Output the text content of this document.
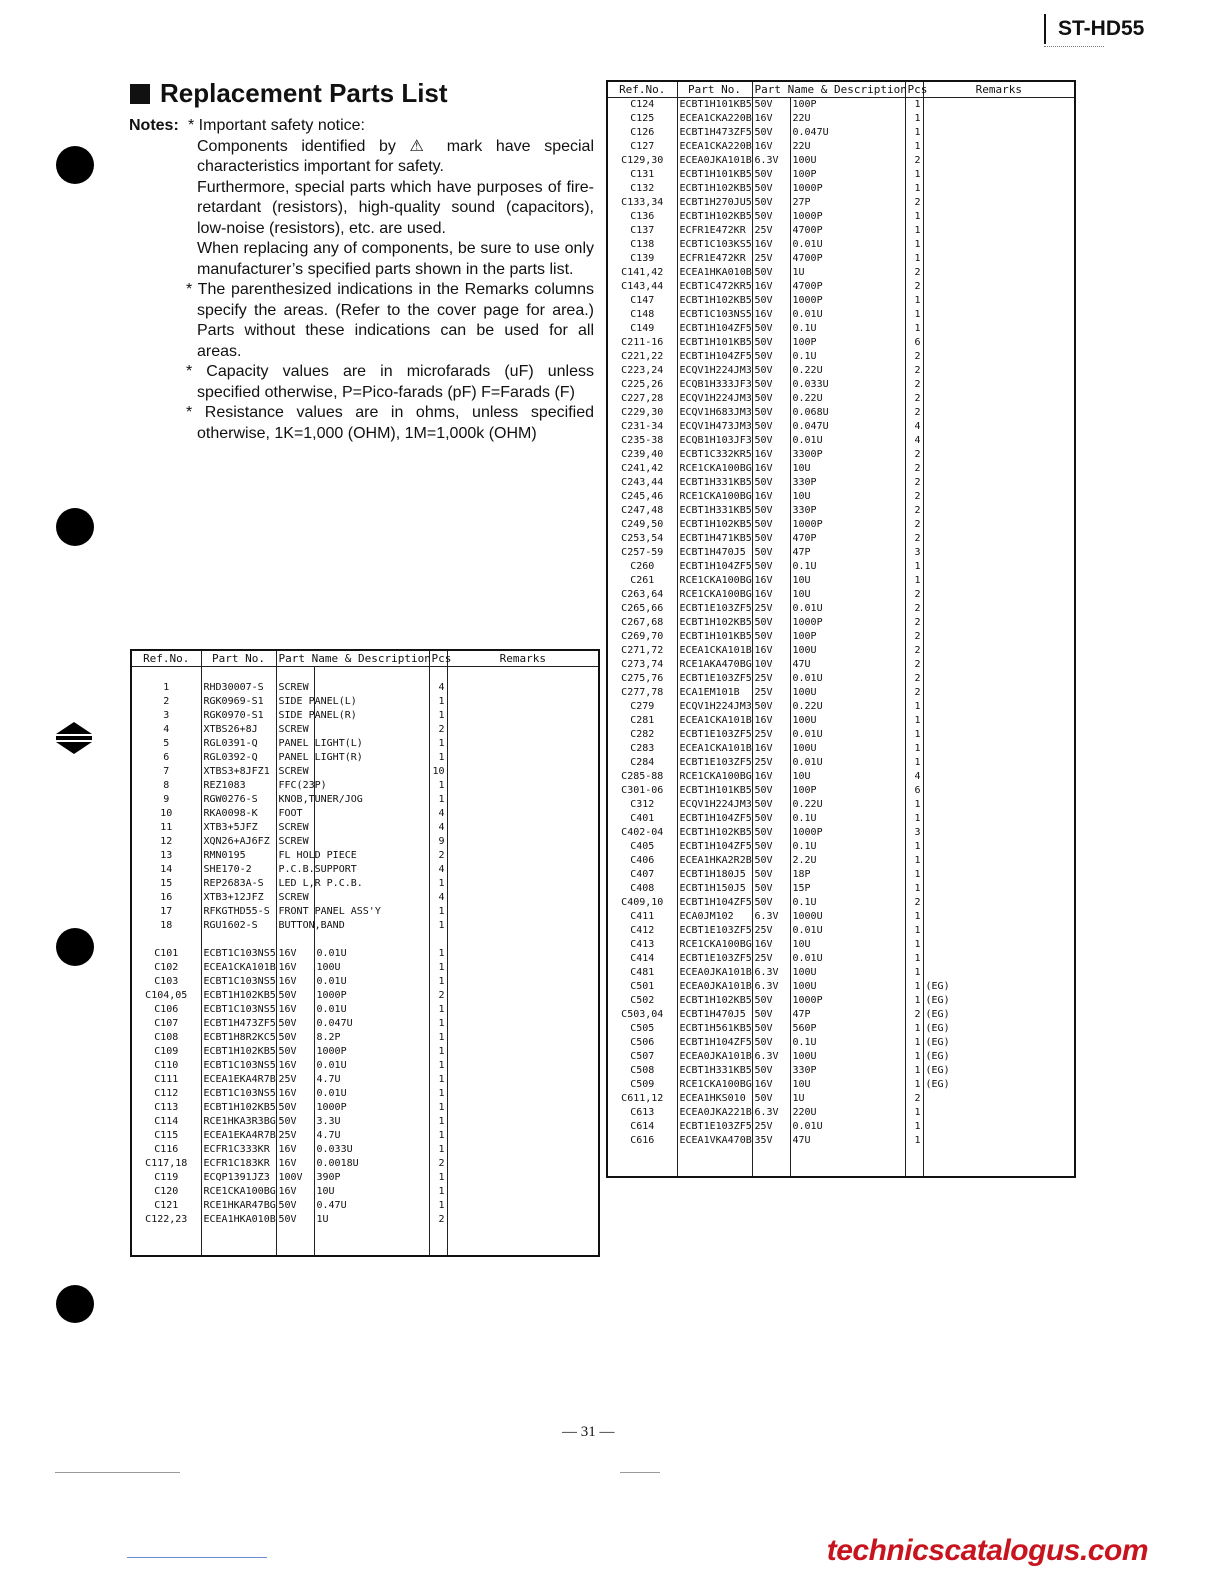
ST-HD55
Replacement Parts List
Notes: * Important safety notice:

Components identified by ⚠ mark have special characteristics important for safety.

Furthermore, special parts which have purposes of fire-retardant (resistors), high-quality sound (capacitors), low-noise (resistors), etc. are used.

When replacing any of components, be sure to use only manufacturer’s specified parts shown in the parts list.

* The parenthesized indications in the Remarks columns specify the areas. (Refer to the cover page for area.) Parts without these indications can be used for all areas.

* Capacity values are in microfarads (uF) unless specified otherwise, P=Pico-farads (pF) F=Farads (F)

* Resistance values are in ohms, unless specified otherwise, 1K=1,000 (OHM), 1M=1,000k (OHM)

Ref.No.	Part No.	Part Name & Description		Pcs	Remarks

1	RHD30007-S	SCREW		4	
2	RGK0969-S1	SIDE PANEL(L)		1	
3	RGK0970-S1	SIDE PANEL(R)		1	
4	XTBS26+8J	SCREW		2	
5	RGL0391-Q	PANEL LIGHT(L)		1	
6	RGL0392-Q	PANEL LIGHT(R)		1	
7	XTBS3+8JFZ1	SCREW		10	
8	REZ1083	FFC(23P)		1	
9	RGW0276-S	KNOB,TUNER/JOG		1	
10	RKA0098-K	FOOT		4	
11	XTB3+5JFZ	SCREW		4	
12	XQN26+AJ6FZ	SCREW		9	
13	RMN0195	FL HOLD PIECE		2	
14	SHE170-2	P.C.B.SUPPORT		4	
15	REP2683A-S	LED L,R P.C.B.		1	
16	XTB3+12JFZ	SCREW		4	
17	RFKGTHD55-S	FRONT PANEL ASS'Y		1	
18	RGU1602-S	BUTTON,BAND		1	

C101	ECBT1C103NS5	16V	0.01U	1	
C102	ECEA1CKA101B	16V	100U	1	
C103	ECBT1C103NS5	16V	0.01U	1	
C104,05	ECBT1H102KB5	50V	1000P	2	
C106	ECBT1C103NS5	16V	0.01U	1	
C107	ECBT1H473ZF5	50V	0.047U	1	
C108	ECBT1H8R2KC5	50V	8.2P	1	
C109	ECBT1H102KB5	50V	1000P	1	
C110	ECBT1C103NS5	16V	0.01U	1	
C111	ECEA1EKA4R7B	25V	4.7U	1	
C112	ECBT1C103NS5	16V	0.01U	1	
C113	ECBT1H102KB5	50V	1000P	1	
C114	RCE1HKA3R3BG	50V	3.3U	1	
C115	ECEA1EKA4R7B	25V	4.7U	1	
C116	ECFR1C333KR	16V	0.033U	1	
C117,18	ECFR1C183KR	16V	0.0018U	2	
C119	ECQP1391JZ3	100V	390P	1	
C120	RCE1CKA100BG	16V	10U	1	
C121	RCE1HKAR47BG	50V	0.47U	1	
C122,23	ECEA1HKA010B	50V	1U	2	

Ref.No.	Part No.	Part Name & Description		Pcs	Remarks
C124	ECBT1H101KB5	50V	100P	1	
C125	ECEA1CKA220B	16V	22U	1	
C126	ECBT1H473ZF5	50V	0.047U	1	
C127	ECEA1CKA220B	16V	22U	1	
C129,30	ECEA0JKA101B	6.3V	100U	2	
C131	ECBT1H101KB5	50V	100P	1	
C132	ECBT1H102KB5	50V	1000P	1	
C133,34	ECBT1H270JU5	50V	27P	2	
C136	ECBT1H102KB5	50V	1000P	1	
C137	ECFR1E472KR	25V	4700P	1	
C138	ECBT1C103KS5	16V	0.01U	1	
C139	ECFR1E472KR	25V	4700P	1	
C141,42	ECEA1HKA010B	50V	1U	2	
C143,44	ECBT1C472KR5	16V	4700P	2	
C147	ECBT1H102KB5	50V	1000P	1	
C148	ECBT1C103NS5	16V	0.01U	1	
C149	ECBT1H104ZF5	50V	0.1U	1	
C211-16	ECBT1H101KB5	50V	100P	6	
C221,22	ECBT1H104ZF5	50V	0.1U	2	
C223,24	ECQV1H224JM3	50V	0.22U	2	
C225,26	ECQB1H333JF3	50V	0.033U	2	
C227,28	ECQV1H224JM3	50V	0.22U	2	
C229,30	ECQV1H683JM3	50V	0.068U	2	
C231-34	ECQV1H473JM3	50V	0.047U	4	
C235-38	ECQB1H103JF3	50V	0.01U	4	
C239,40	ECBT1C332KR5	16V	3300P	2	
C241,42	RCE1CKA100BG	16V	10U	2	
C243,44	ECBT1H331KB5	50V	330P	2	
C245,46	RCE1CKA100BG	16V	10U	2	
C247,48	ECBT1H331KB5	50V	330P	2	
C249,50	ECBT1H102KB5	50V	1000P	2	
C253,54	ECBT1H471KB5	50V	470P	2	
C257-59	ECBT1H470J5	50V	47P	3	
C260	ECBT1H104ZF5	50V	0.1U	1	
C261	RCE1CKA100BG	16V	10U	1	
C263,64	RCE1CKA100BG	16V	10U	2	
C265,66	ECBT1E103ZF5	25V	0.01U	2	
C267,68	ECBT1H102KB5	50V	1000P	2	
C269,70	ECBT1H101KB5	50V	100P	2	
C271,72	ECEA1CKA101B	16V	100U	2	
C273,74	RCE1AKA470BG	10V	47U	2	
C275,76	ECBT1E103ZF5	25V	0.01U	2	
C277,78	ECA1EM101B	25V	100U	2	
C279	ECQV1H224JM3	50V	0.22U	1	
C281	ECEA1CKA101B	16V	100U	1	
C282	ECBT1E103ZF5	25V	0.01U	1	
C283	ECEA1CKA101B	16V	100U	1	
C284	ECBT1E103ZF5	25V	0.01U	1	
C285-88	RCE1CKA100BG	16V	10U	4	
C301-06	ECBT1H101KB5	50V	100P	6	
C312	ECQV1H224JM3	50V	0.22U	1	
C401	ECBT1H104ZF5	50V	0.1U	1	
C402-04	ECBT1H102KB5	50V	1000P	3	
C405	ECBT1H104ZF5	50V	0.1U	1	
C406	ECEA1HKA2R2B	50V	2.2U	1	
C407	ECBT1H180J5	50V	18P	1	
C408	ECBT1H150J5	50V	15P	1	
C409,10	ECBT1H104ZF5	50V	0.1U	2	
C411	ECA0JM102	6.3V	1000U	1	
C412	ECBT1E103ZF5	25V	0.01U	1	
C413	RCE1CKA100BG	16V	10U	1	
C414	ECBT1E103ZF5	25V	0.01U	1	
C481	ECEA0JKA101B	6.3V	100U	1	
C501	ECEA0JKA101B	6.3V	100U	1	(EG)
C502	ECBT1H102KB5	50V	1000P	1	(EG)
C503,04	ECBT1H470J5	50V	47P	2	(EG)
C505	ECBT1H561KB5	50V	560P	1	(EG)
C506	ECBT1H104ZF5	50V	0.1U	1	(EG)
C507	ECEA0JKA101B	6.3V	100U	1	(EG)
C508	ECBT1H331KB5	50V	330P	1	(EG)
C509	RCE1CKA100BG	16V	10U	1	(EG)
C611,12	ECEA1HKS010	50V	1U	2	
C613	ECEA0JKA221B	6.3V	220U	1	
C614	ECBT1E103ZF5	25V	0.01U	1	
C616	ECEA1VKA470B	35V	47U	1	

— 31 —
technicscatalogus.com
